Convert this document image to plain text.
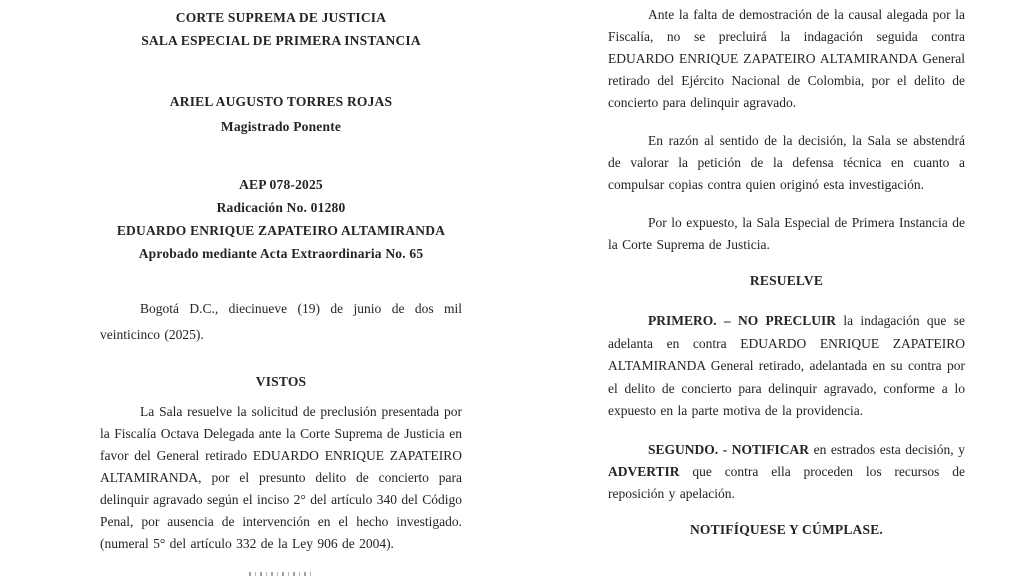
CORTE SUPREMA DE JUSTICIA
SALA ESPECIAL DE PRIMERA INSTANCIA
ARIEL AUGUSTO TORRES ROJAS
Magistrado Ponente
AEP 078-2025
Radicación No. 01280
EDUARDO ENRIQUE ZAPATEIRO ALTAMIRANDA
Aprobado mediante Acta Extraordinaria No. 65
Bogotá D.C., diecinueve (19) de junio de dos mil veinticinco (2025).
VISTOS
La Sala resuelve la solicitud de preclusión presentada por la Fiscalía Octava Delegada ante la Corte Suprema de Justicia en favor del General retirado EDUARDO ENRIQUE ZAPATEIRO ALTAMIRANDA, por el presunto delito de concierto para delinquir agravado según el inciso 2° del artículo 340 del Código Penal, por ausencia de intervención en el hecho investigado. (numeral 5° del artículo 332 de la Ley 906 de 2004).
Ante la falta de demostración de la causal alegada por la Fiscalía, no se precluirá la indagación seguida contra EDUARDO ENRIQUE ZAPATEIRO ALTAMIRANDA General retirado del Ejército Nacional de Colombia, por el delito de concierto para delinquir agravado.
En razón al sentido de la decisión, la Sala se abstendrá de valorar la petición de la defensa técnica en cuanto a compulsar copias contra quien originó esta investigación.
Por lo expuesto, la Sala Especial de Primera Instancia de la Corte Suprema de Justicia.
RESUELVE
PRIMERO. – NO PRECLUIR la indagación que se adelanta en contra EDUARDO ENRIQUE ZAPATEIRO ALTAMIRANDA General retirado, adelantada en su contra por el delito de concierto para delinquir agravado, conforme a lo expuesto en la parte motiva de la providencia.
SEGUNDO. - NOTIFICAR en estrados esta decisión, y ADVERTIR que contra ella proceden los recursos de reposición y apelación.
NOTIFÍQUESE Y CÚMPLASE.
